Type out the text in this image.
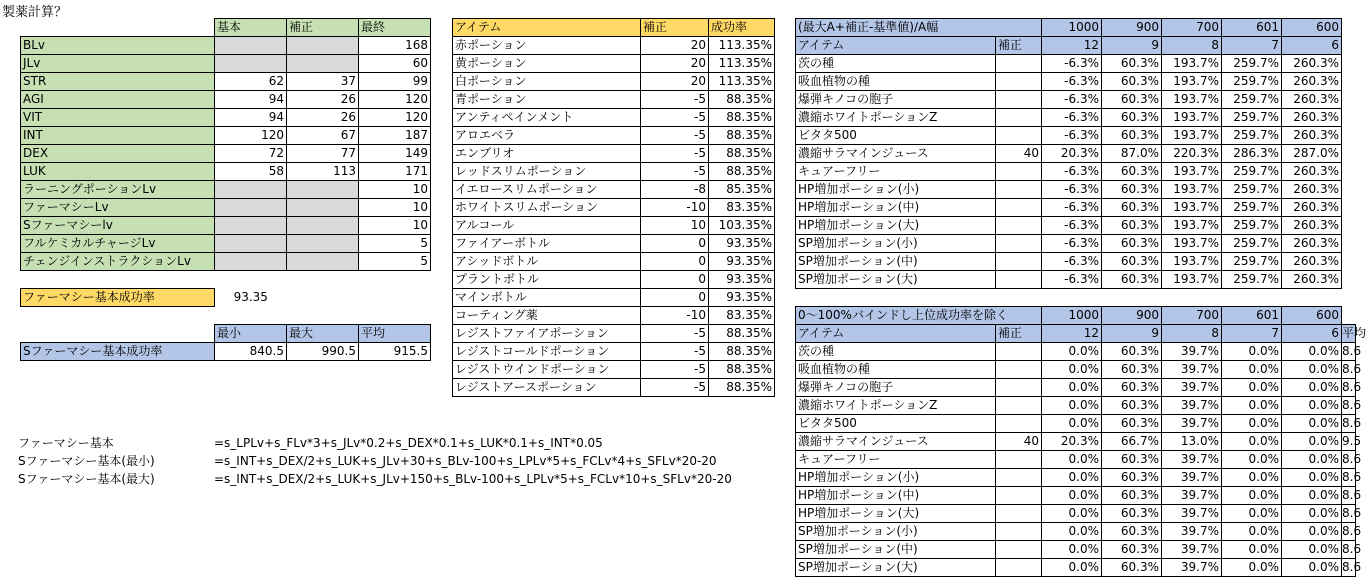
製薬計算？
	基本	補正	最終
BLv			168
JLv			60
STR	62	37	99
AGI	94	26	120
VIT	94	26	120
INT	120	67	187
DEX	72	77	149
LUK	58	113	171
ラーニングポーションLv			10
ファーマシーLv			10
Sファーマシーlv			10
フルケミカルチャージLv			5
チェンジインストラクションLv			5
ファーマシー基本成功率	93.35
	最小	最大	平均
Sファーマシー基本成功率	840.5	990.5	915.5
ファーマシー基本	=s_LPLv+s_FLv*3+s_JLv*0.2+s_DEX*0.1+s_LUK*0.1+s_INT*0.05
Sファーマシー基本(最小)	=s_INT+s_DEX/2+s_LUK+s_JLv+30+s_BLv-100+s_LPLv*5+s_FCLv*4+s_SFLv*20-20
Sファーマシー基本(最大)	=s_INT+s_DEX/2+s_LUK+s_JLv+150+s_BLv-100+s_LPLv*5+s_FCLv*10+s_SFLv*20-20
アイテム	補正	成功率
赤ポーション	20	113.35%
黄ポーション	20	113.35%
白ポーション	20	113.35%
青ポーション	-5	88.35%
アンティペインメント	-5	88.35%
アロエベラ	-5	88.35%
エンブリオ	-5	88.35%
レッドスリムポーション	-5	88.35%
イエロースリムポーション	-8	85.35%
ホワイトスリムポーション	-10	83.35%
アルコール	10	103.35%
ファイアーボトル	0	93.35%
アシッドボトル	0	93.35%
プラントボトル	0	93.35%
マインボトル	0	93.35%
コーティング薬	-10	83.35%
レジストファイアポーション	-5	88.35%
レジストコールドポーション	-5	88.35%
レジストウインドポーション	-5	88.35%
レジストアースポーション	-5	88.35%
(最大A+補正-基準値)/A幅		1000	900	700	601	600
アイテム	補正	12	9	8	7	6
茨の種		-6.3%	60.3%	193.7%	259.7%	260.3%
吸血植物の種		-6.3%	60.3%	193.7%	259.7%	260.3%
爆弾キノコの胞子		-6.3%	60.3%	193.7%	259.7%	260.3%
濃縮ホワイトポーションZ		-6.3%	60.3%	193.7%	259.7%	260.3%
ビタタ500		-6.3%	60.3%	193.7%	259.7%	260.3%
濃縮サラマインジュース	40	20.3%	87.0%	220.3%	286.3%	287.0%
キュアーフリー		-6.3%	60.3%	193.7%	259.7%	260.3%
HP増加ポーション(小)		-6.3%	60.3%	193.7%	259.7%	260.3%
HP増加ポーション(中)		-6.3%	60.3%	193.7%	259.7%	260.3%
HP増加ポーション(大)		-6.3%	60.3%	193.7%	259.7%	260.3%
SP増加ポーション(小)		-6.3%	60.3%	193.7%	259.7%	260.3%
SP増加ポーション(中)		-6.3%	60.3%	193.7%	259.7%	260.3%
SP増加ポーション(大)		-6.3%	60.3%	193.7%	259.7%	260.3%
0～100%バインドし上位成功率を除く		1000	900	700	601	600	
アイテム	補正	12	9	8	7	6	平均
茨の種		0.0%	60.3%	39.7%	0.0%	0.0%	8.6
吸血植物の種		0.0%	60.3%	39.7%	0.0%	0.0%	8.6
爆弾キノコの胞子		0.0%	60.3%	39.7%	0.0%	0.0%	8.6
濃縮ホワイトポーションZ		0.0%	60.3%	39.7%	0.0%	0.0%	8.6
ビタタ500		0.0%	60.3%	39.7%	0.0%	0.0%	8.6
濃縮サラマインジュース	40	20.3%	66.7%	13.0%	0.0%	0.0%	9.5
キュアーフリー		0.0%	60.3%	39.7%	0.0%	0.0%	8.6
HP増加ポーション(小)		0.0%	60.3%	39.7%	0.0%	0.0%	8.6
HP増加ポーション(中)		0.0%	60.3%	39.7%	0.0%	0.0%	8.6
HP増加ポーション(大)		0.0%	60.3%	39.7%	0.0%	0.0%	8.6
SP増加ポーション(小)		0.0%	60.3%	39.7%	0.0%	0.0%	8.6
SP増加ポーション(中)		0.0%	60.3%	39.7%	0.0%	0.0%	8.6
SP増加ポーション(大)		0.0%	60.3%	39.7%	0.0%	0.0%	8.6
